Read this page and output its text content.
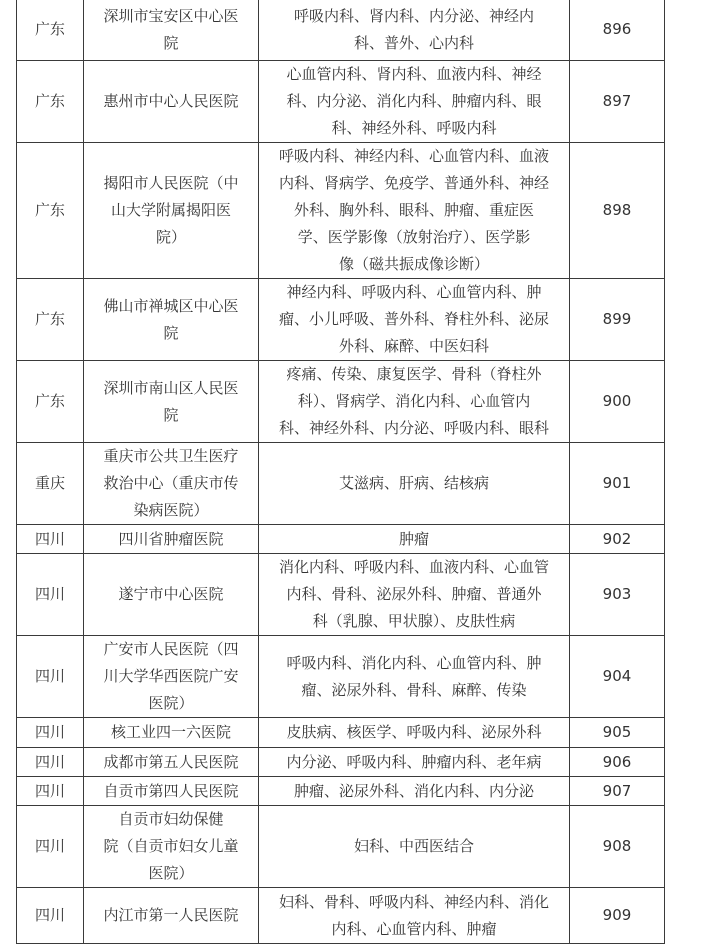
广东	深圳市宝安区中心医
院	呼吸内科、肾内科、内分泌、神经内
科、普外、心内科	896
广东	惠州市中心人民医院	心血管内科、肾内科、血液内科、神经
科、内分泌、消化内科、肿瘤内科、眼
科、神经外科、呼吸内科	897
广东	揭阳市人民医院（中
山大学附属揭阳医
院）	呼吸内科、神经内科、心血管内科、血液
内科、肾病学、免疫学、普通外科、神经
外科、胸外科、眼科、肿瘤、重症医
学、医学影像（放射治疗）、医学影
像（磁共振成像诊断）	898
广东	佛山市禅城区中心医
院	神经内科、呼吸内科、心血管内科、肿
瘤、小儿呼吸、普外科、脊柱外科、泌尿
外科、麻醉、中医妇科	899
广东	深圳市南山区人民医
院	疼痛、传染、康复医学、骨科（脊柱外
科）、肾病学、消化内科、心血管内
科、神经外科、内分泌、呼吸内科、眼科	900
重庆	重庆市公共卫生医疗
救治中心（重庆市传
染病医院）	艾滋病、肝病、结核病	901
四川	四川省肿瘤医院	肿瘤	902
四川	遂宁市中心医院	消化内科、呼吸内科、血液内科、心血管
内科、骨科、泌尿外科、肿瘤、普通外
科（乳腺、甲状腺）、皮肤性病	903
四川	广安市人民医院（四
川大学华西医院广安
医院）	呼吸内科、消化内科、心血管内科、肿
瘤、泌尿外科、骨科、麻醉、传染	904
四川	核工业四一六医院	皮肤病、核医学、呼吸内科、泌尿外科	905
四川	成都市第五人民医院	内分泌、呼吸内科、肿瘤内科、老年病	906
四川	自贡市第四人民医院	肿瘤、泌尿外科、消化内科、内分泌	907
四川	自贡市妇幼保健
院（自贡市妇女儿童
医院）	妇科、中西医结合	908
四川	内江市第一人民医院	妇科、骨科、呼吸内科、神经内科、消化
内科、心血管内科、肿瘤	909
